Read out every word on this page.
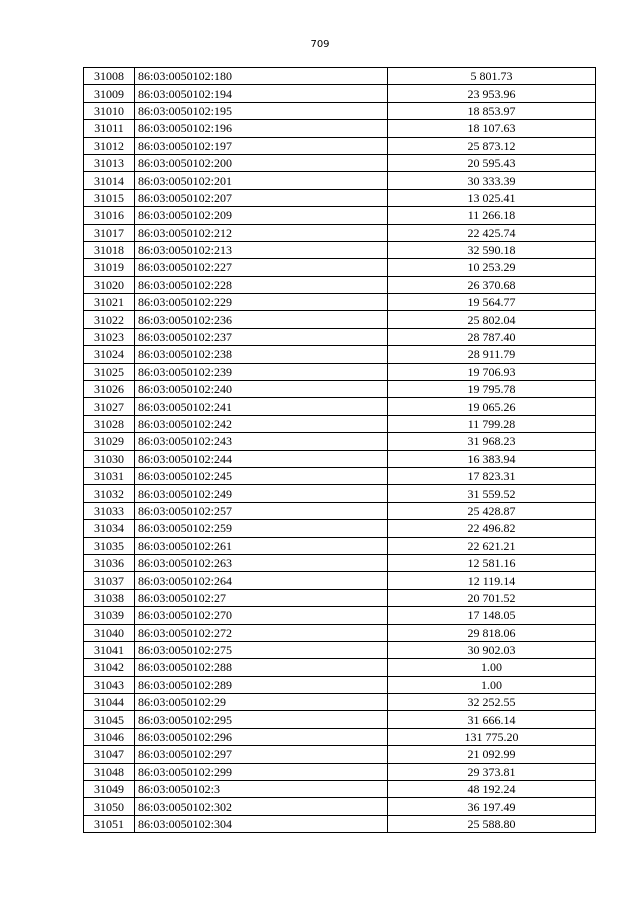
709
31008	86:03:0050102:180	5 801.73
31009	86:03:0050102:194	23 953.96
31010	86:03:0050102:195	18 853.97
31011	86:03:0050102:196	18 107.63
31012	86:03:0050102:197	25 873.12
31013	86:03:0050102:200	20 595.43
31014	86:03:0050102:201	30 333.39
31015	86:03:0050102:207	13 025.41
31016	86:03:0050102:209	11 266.18
31017	86:03:0050102:212	22 425.74
31018	86:03:0050102:213	32 590.18
31019	86:03:0050102:227	10 253.29
31020	86:03:0050102:228	26 370.68
31021	86:03:0050102:229	19 564.77
31022	86:03:0050102:236	25 802.04
31023	86:03:0050102:237	28 787.40
31024	86:03:0050102:238	28 911.79
31025	86:03:0050102:239	19 706.93
31026	86:03:0050102:240	19 795.78
31027	86:03:0050102:241	19 065.26
31028	86:03:0050102:242	11 799.28
31029	86:03:0050102:243	31 968.23
31030	86:03:0050102:244	16 383.94
31031	86:03:0050102:245	17 823.31
31032	86:03:0050102:249	31 559.52
31033	86:03:0050102:257	25 428.87
31034	86:03:0050102:259	22 496.82
31035	86:03:0050102:261	22 621.21
31036	86:03:0050102:263	12 581.16
31037	86:03:0050102:264	12 119.14
31038	86:03:0050102:27	20 701.52
31039	86:03:0050102:270	17 148.05
31040	86:03:0050102:272	29 818.06
31041	86:03:0050102:275	30 902.03
31042	86:03:0050102:288	1.00
31043	86:03:0050102:289	1.00
31044	86:03:0050102:29	32 252.55
31045	86:03:0050102:295	31 666.14
31046	86:03:0050102:296	131 775.20
31047	86:03:0050102:297	21 092.99
31048	86:03:0050102:299	29 373.81
31049	86:03:0050102:3	48 192.24
31050	86:03:0050102:302	36 197.49
31051	86:03:0050102:304	25 588.80
